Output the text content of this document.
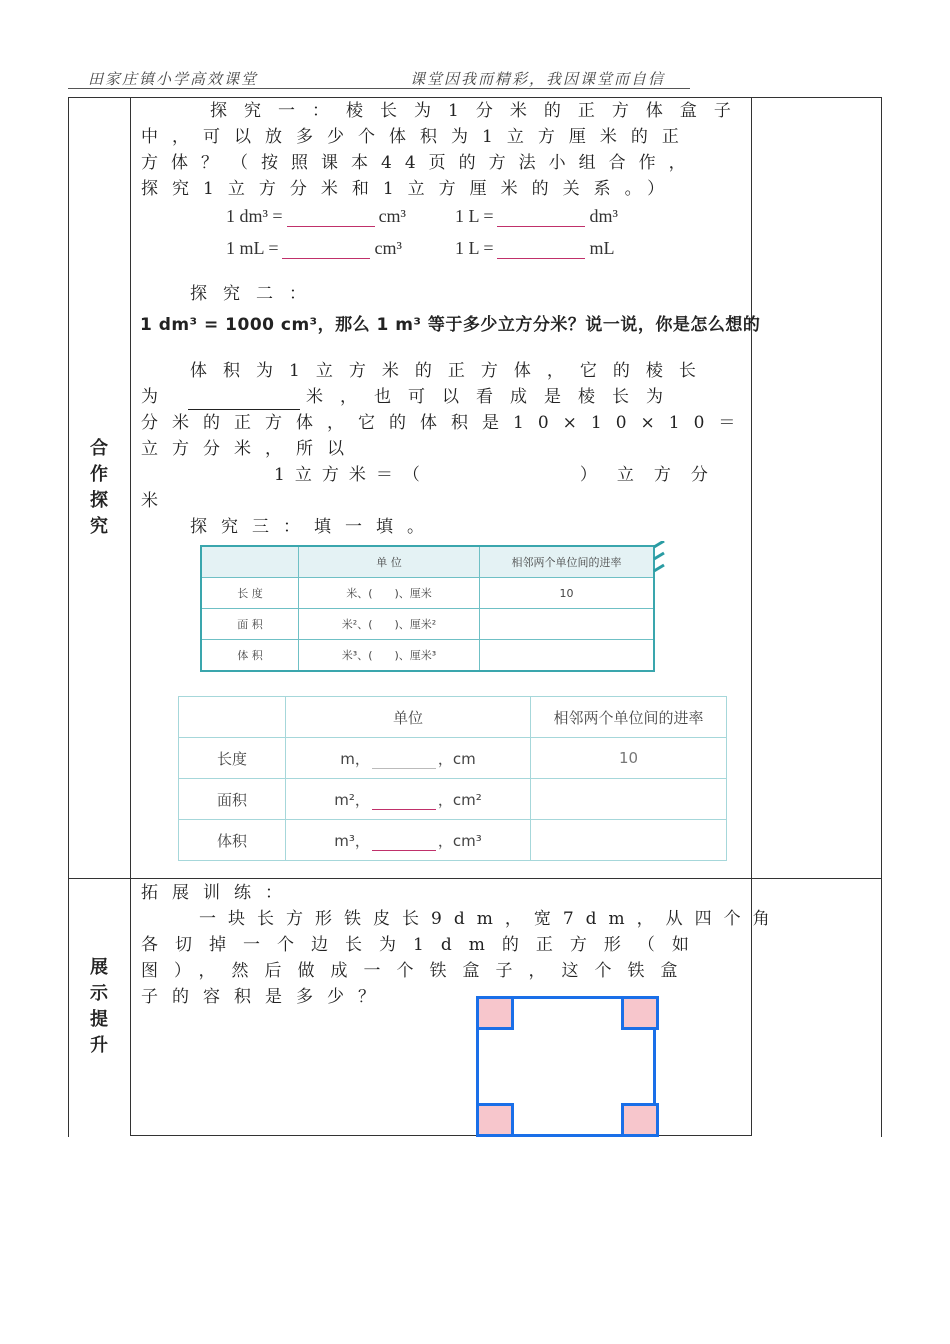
田家庄镇小学高效课堂	课堂因我而精彩，我因课堂而自信
合
作
探
究
展
示
提
升
探究一：棱长为1分米的正方体盒子
中，可以放多少个体积为1立方厘米的正
方体？（按照课本44页的方法小组合作，
探究1立方分米和1立方厘米的关系。）
1 dm³ =	cm³	1 L =	dm³
1 mL =	cm³	1 L =	mL
探究二：
1 dm³ = 1000 cm³，那么 1 m³ 等于多少立方分米？说一说，你是怎么想的
体积为1立方米的正方体，它的棱长
为	米，也可以看成是棱长为
分米的正方体，它的体积是10×10×10＝
立方分米，所以
1立方米＝（	）立方分
米
探究三：填一填。
	单 位	相邻两个单位间的进率
长 度	米、(　　)、厘米	10
面 积	米²、(　　)、厘米²	
体 积	米³、(　　)、厘米³	
	单位	相邻两个单位间的进率
长度	m， ，cm	10
面积	m²， ，cm²	
体积	m³， ，cm³	
拓展训练：
一块长方形铁皮长9dm，宽7dm，从四个角
各切掉一个边长为1dm的正方形（如
图），然后做成一个铁盒子，这个铁盒
子的容积是多少？
